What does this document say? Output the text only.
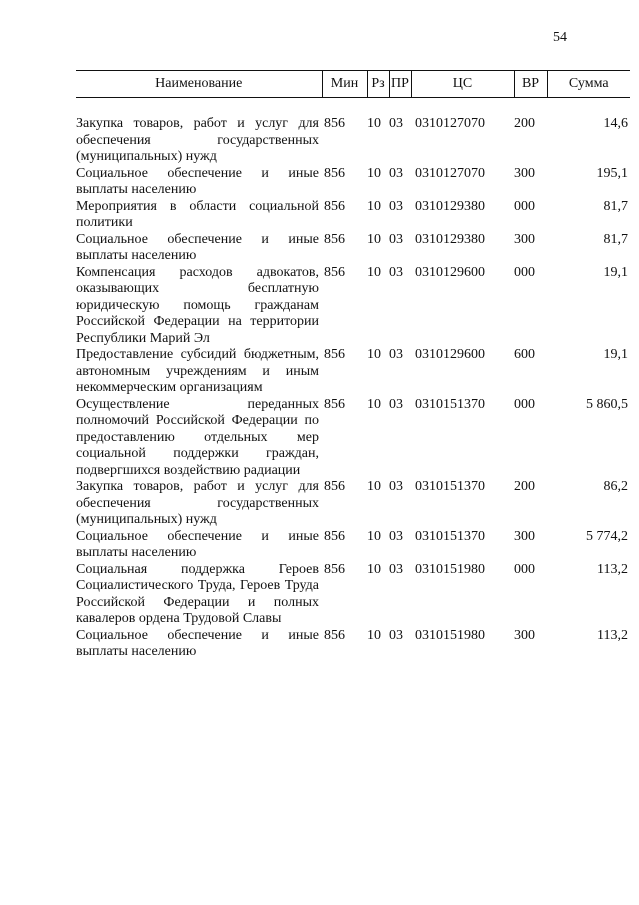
54
Наименование	Мин	Рз	ПР	ЦС	ВР	Сумма

Закупка товаров, работ и услуг для обеспечения государственных (муниципальных) нужд	856	10	03	0310127070	200	14,6
Социальное обеспечение и иные выплаты населению	856	10	03	0310127070	300	195,1
Мероприятия в области социальной политики	856	10	03	0310129380	000	81,7
Социальное обеспечение и иные выплаты населению	856	10	03	0310129380	300	81,7
Компенсация расходов адвокатов, оказывающих бесплатную юридическую помощь гражданам Российской Федерации на территории Республики Марий Эл	856	10	03	0310129600	000	19,1
Предоставление субсидий бюджетным, автономным учреждениям и иным некоммерческим организациям	856	10	03	0310129600	600	19,1
Осуществление переданных полномочий Российской Федерации по предоставлению отдельных мер социальной поддержки граждан, подвергшихся воздействию радиации	856	10	03	0310151370	000	5 860,5
Закупка товаров, работ и услуг для обеспечения государственных (муниципальных) нужд	856	10	03	0310151370	200	86,2
Социальное обеспечение и иные выплаты населению	856	10	03	0310151370	300	5 774,2
Социальная поддержка Героев Социалистического Труда, Героев Труда Российской Федерации и полных кавалеров ордена Трудовой Славы	856	10	03	0310151980	000	113,2
Социальное обеспечение и иные выплаты населению	856	10	03	0310151980	300	113,2
